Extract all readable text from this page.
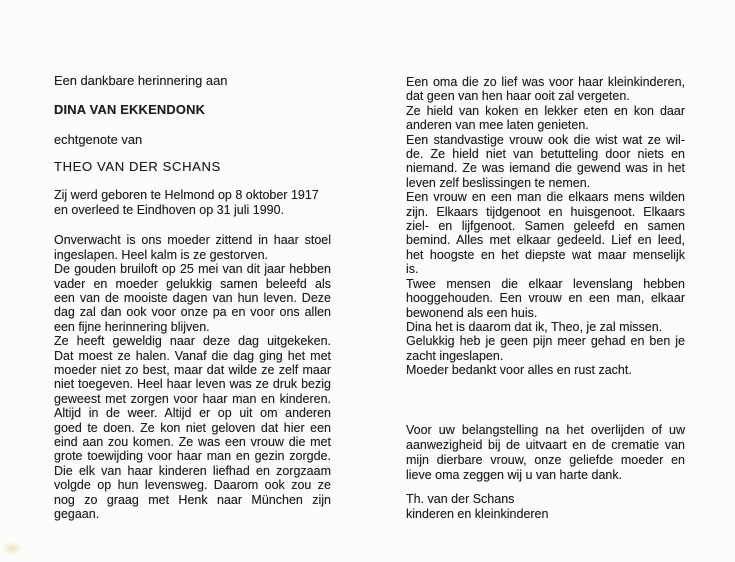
Een dankbare herinnering aan
DINA VAN EKKENDONK
echtgenote van
THEO VAN DER SCHANS
Zij werd geboren te Helmond op 8 oktober 1917
en overleed te Eindhoven op 31 juli 1990.
Onverwacht is ons moeder zittend in haar stoel
ingeslapen. Heel kalm is ze gestorven.
De gouden bruiloft op 25 mei van dit jaar hebben
vader en moeder gelukkig samen beleefd als
een van de mooiste dagen van hun leven. Deze
dag zal dan ook voor onze pa en voor ons allen
een fijne herinnering blijven.
Ze heeft geweldig naar deze dag uitgekeken.
Dat moest ze halen. Vanaf die dag ging het met
moeder niet zo best, maar dat wilde ze zelf maar
niet toegeven. Heel haar leven was ze druk bezig
geweest met zorgen voor haar man en kinderen.
Altijd in de weer. Altijd er op uit om anderen
goed te doen. Ze kon niet geloven dat hier een
eind aan zou komen. Ze was een vrouw die met
grote toewijding voor haar man en gezin zorgde.
Die elk van haar kinderen liefhad en zorgzaam
volgde op hun levensweg. Daarom ook zou ze
nog zo graag met Henk naar München zijn
gegaan.
Een oma die zo lief was voor haar kleinkinderen,
dat geen van hen haar ooit zal vergeten.
Ze hield van koken en lekker eten en kon daar
anderen van mee laten genieten.
Een standvastige vrouw ook die wist wat ze wil-
de. Ze hield niet van betutteling door niets en
niemand. Ze was iemand die gewend was in het
leven zelf beslissingen te nemen.
Een vrouw en een man die elkaars mens wilden
zijn. Elkaars tijdgenoot en huisgenoot. Elkaars
ziel- en lijfgenoot. Samen geleefd en samen
bemind. Alles met elkaar gedeeld. Lief en leed,
het hoogste en het diepste wat maar menselijk
is.
Twee mensen die elkaar levenslang hebben
hooggehouden. Een vrouw en een man, elkaar
bewonend als een huis.
Dina het is daarom dat ik, Theo, je zal missen.
Gelukkig heb je geen pijn meer gehad en ben je
zacht ingeslapen.
Moeder bedankt voor alles en rust zacht.
Voor uw belangstelling na het overlijden of uw
aanwezigheid bij de uitvaart en de crematie van
mijn dierbare vrouw, onze geliefde moeder en
lieve oma zeggen wij u van harte dank.
Th. van der Schans
kinderen en kleinkinderen
